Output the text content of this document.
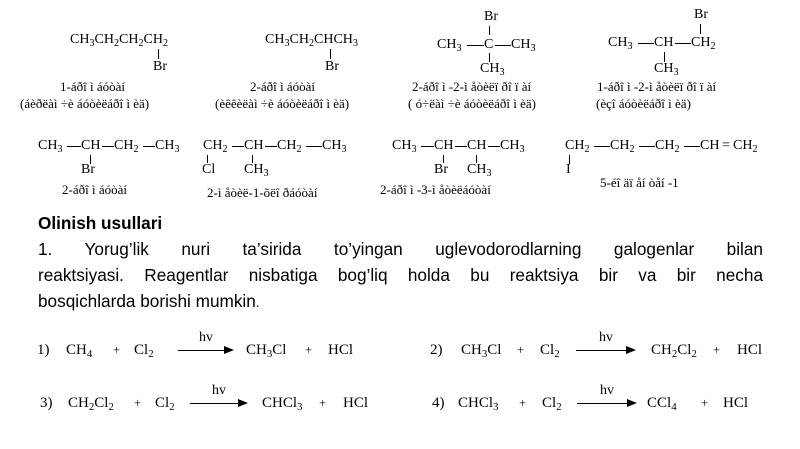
$CH_3CH_2CH_2CH_2$
Br
1-áðî ì áóòàí
(áèðëàì ÷è áóòèëáðî ì èä)
$CH_3CH_2CHCH_3$
Br
2-áðî ì áóòàí
(èêêèëàì ÷è áóòèëáðî ì èä)
Br
$CH_3$ C $CH_3$
$CH_3$
2-áðî ì -2-ì åòèëï ðî ï àí
( ó÷ëàì ÷è áóòèëáðî ì èä)
Br
$CH_3$ CH $CH_2$
$CH_3$
1-áðî ì -2-ì åòèëï ðî ï àí
(èçî áóòèëáðî ì èä)
$CH_3$ CH $CH_2$ $CH_3$
Br
2-áðî ì áóòàí
$CH_2$ CH $CH_2$ $CH_3$
Cl $CH_3$
2-ì åòèë-1-õëî ðáóòàí
$CH_3$ CH CH $CH_3$
Br $CH_3$
2-áðî ì -3-ì åòèëáóòàí
$CH_2$ $CH_2$ $CH_2$ CH = $CH_2$
I
5-éî äï åí òåí -1
Olinish usullari
1. Yorug’lik nuri ta’sirida to’yingan uglevodorodlarning galogenlar bilan
reaktsiyasi. Reagentlar nisbatiga bog’liq holda bu reaktsiya bir va bir necha
bosqichlarda borishi mumkin.
1) $CH_4 + Cl_2$
hv
$CH_3Cl$ + HCl	2) $CH_3Cl + Cl_2$
hv
$CH_2Cl_2$ + HCl
3) $CH_2Cl_2 + Cl_2$
hv
CHCl$_3$ + HCl	4) CHCl$_3$ + $Cl_2$
hv
CCl$_4$ + HCl
